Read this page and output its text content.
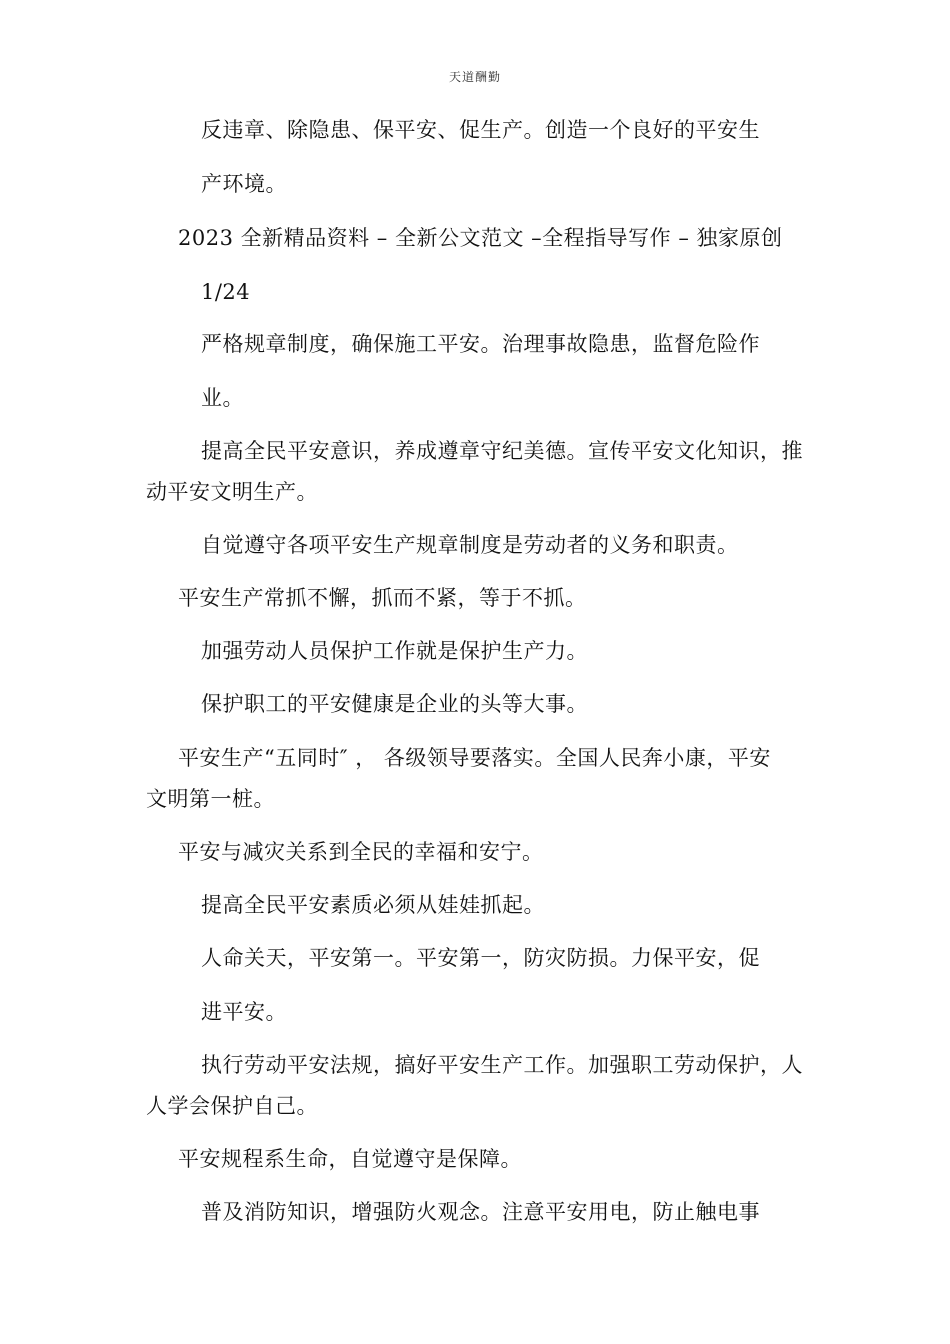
天道酬勤
反违章、除隐患、保平安、促生产。创造一个良好的平安生
产环境。
2023 全新精品资料 – 全新公文范文 –全程指导写作 – 独家原创
1/24
严格规章制度，确保施工平安。治理事故隐患，监督危险作
业。
提高全民平安意识，养成遵章守纪美德。宣传平安文化知识，推
动平安文明生产。
自觉遵守各项平安生产规章制度是劳动者的义务和职责。
平安生产常抓不懈，抓而不紧，等于不抓。
加强劳动人员保护工作就是保护生产力。
保护职工的平安健康是企业的头等大事。
平安生产“五同时″ ， 各级领导要落实。全国人民奔小康，平安
文明第一桩。
平安与减灾关系到全民的幸福和安宁。
提高全民平安素质必须从娃娃抓起。
人命关天，平安第一。平安第一，防灾防损。力保平安，促
进平安。
执行劳动平安法规，搞好平安生产工作。加强职工劳动保护，人
人学会保护自己。
平安规程系生命，自觉遵守是保障。
普及消防知识，增强防火观念。注意平安用电，防止触电事
